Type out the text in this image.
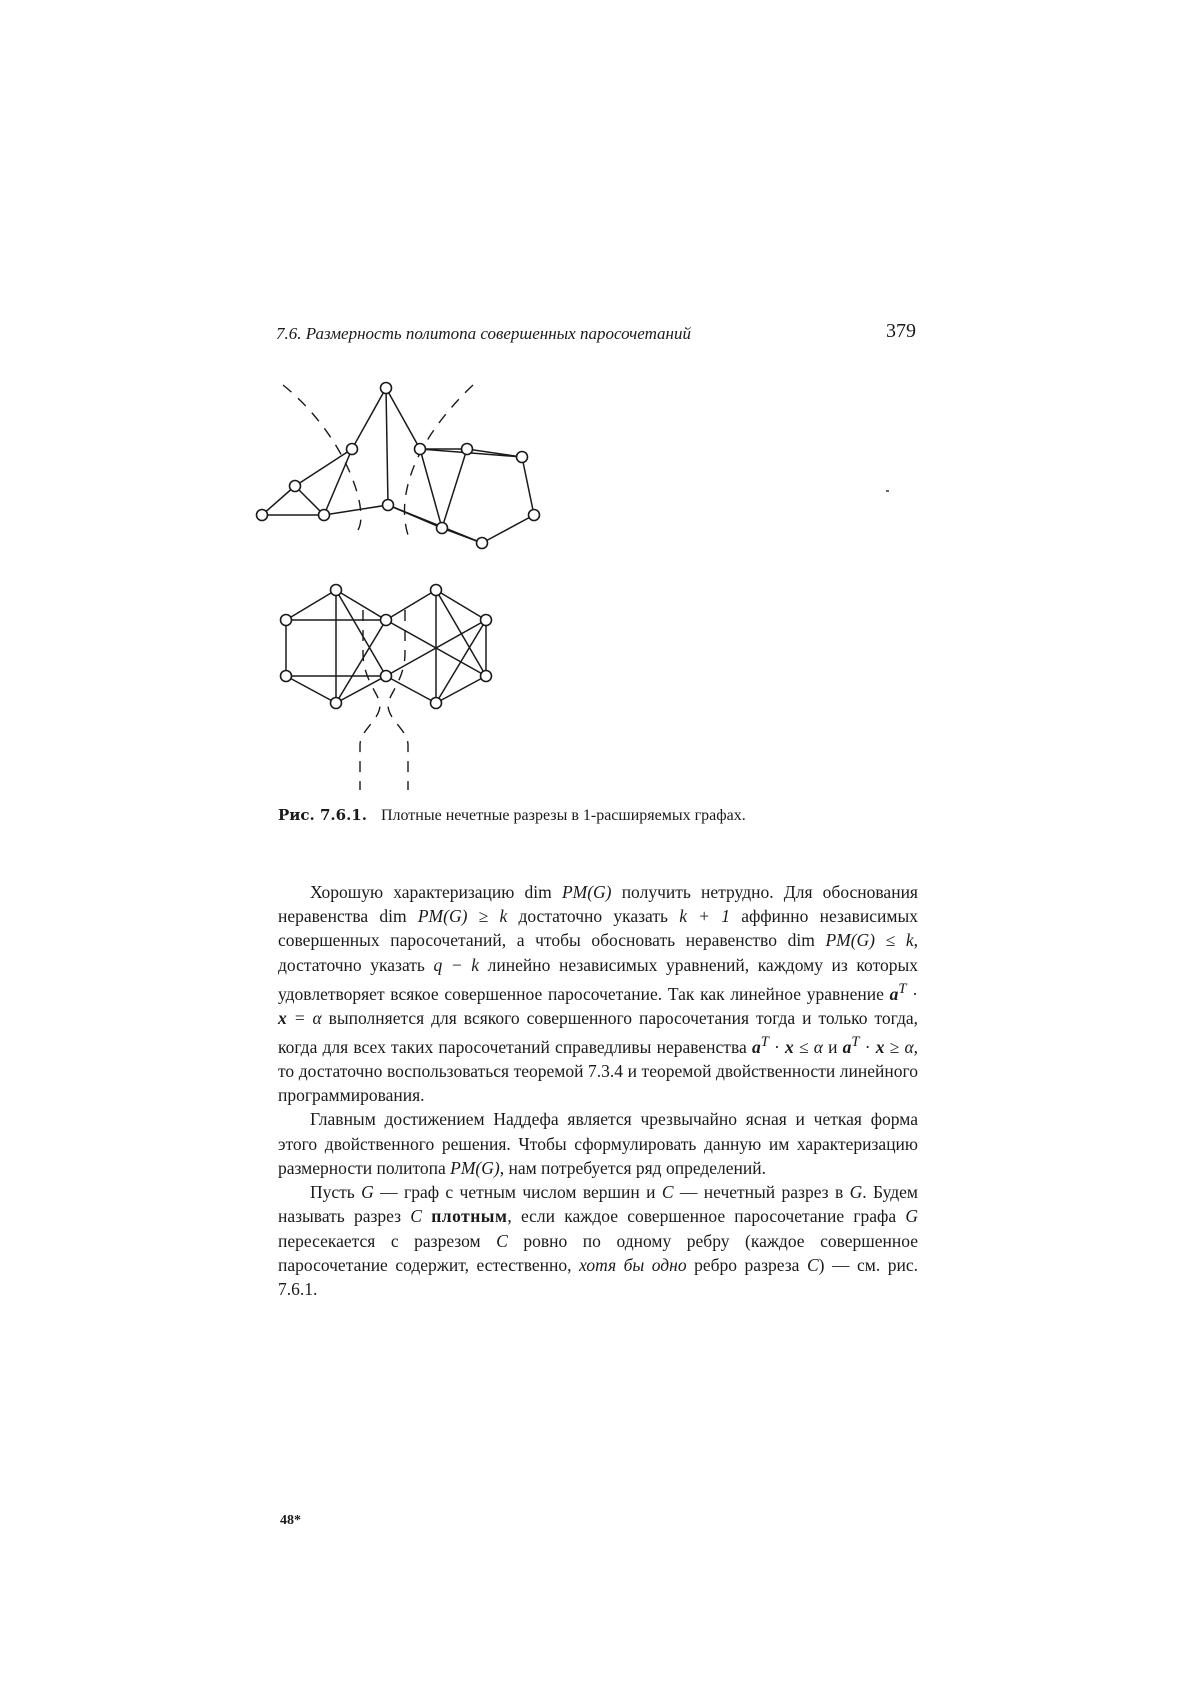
7.6. Размерность политопа совершенных паросочетаний	379
Рис. 7.6.1. Плотные нечетные разрезы в 1-расширяемых графах.

Хорошую характеризацию dim PM(G) получить нетрудно. Для обоснования неравенства dim PM(G) ≥ k достаточно указать k + 1 аффинно независимых совершенных паросочетаний, а чтобы обосновать неравенство dim PM(G) ≤ k, достаточно указать q − k линейно независимых уравнений, каждому из которых удовлетворяет всякое совершенное паросочетание. Так как линейное уравнение $a^T \cdot x = \alpha$ выполняется для всякого совершенного паросочетания тогда и только тогда, когда для всех таких паросочетаний справедливы неравенства $a^T \cdot x \le \alpha$ и $a^T \cdot x \ge \alpha$, то достаточно воспользоваться теоремой 7.3.4 и теоремой двойственности линейного программирования.

Главным достижением Наддефа является чрезвычайно ясная и четкая форма этого двойственного решения. Чтобы сформулировать данную им характеризацию размерности политопа PM(G), нам потребуется ряд определений.

Пусть G — граф с четным числом вершин и C — нечетный разрез в G. Будем называть разрез C плотным, если каждое совершенное паросочетание графа G пересекается с разрезом C ровно по одному ребру (каждое совершенное паросочетание содержит, естественно, хотя бы одно ребро разреза C) — см. рис. 7.6.1.

48*
